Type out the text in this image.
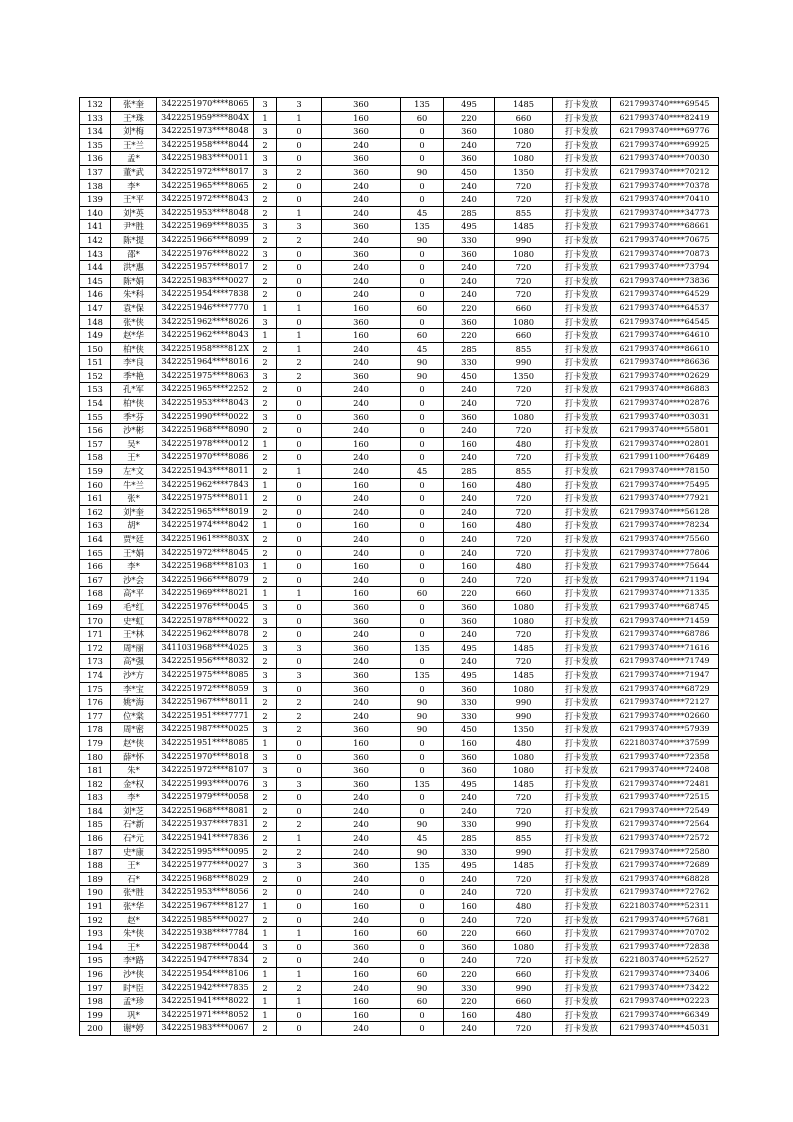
132	张*奎	3422251970****8065	3	3	360	135	495	1485	打卡发放	6217993740****69545
133	王*珠	3422251959****804X	1	1	160	60	220	660	打卡发放	6217993740****82419
134	刘*梅	3422251973****8048	3	0	360	0	360	1080	打卡发放	6217993740****69776
135	王*兰	3422251958****8044	2	0	240	0	240	720	打卡发放	6217993740****69925
136	孟*	3422251983****0011	3	0	360	0	360	1080	打卡发放	6217993740****70030
137	董*武	3422251972****8017	3	2	360	90	450	1350	打卡发放	6217993740****70212
138	李*	3422251965****8065	2	0	240	0	240	720	打卡发放	6217993740****70378
139	王*平	3422251972****8043	2	0	240	0	240	720	打卡发放	6217993740****70410
140	刘*英	3422251953****8048	2	1	240	45	285	855	打卡发放	6217993740****34773
141	尹*胜	3422251969****8035	3	3	360	135	495	1485	打卡发放	6217993740****68661
142	陈*提	3422251966****8099	2	2	240	90	330	990	打卡发放	6217993740****70675
143	邵*	3422251976****8022	3	0	360	0	360	1080	打卡发放	6217993740****70873
144	洪*惠	3422251957****8017	2	0	240	0	240	720	打卡发放	6217993740****73794
145	陈*娟	3422251983****0027	2	0	240	0	240	720	打卡发放	6217993740****73836
146	朱*科	3422251954****7838	2	0	240	0	240	720	打卡发放	6217993740****64529
147	袁*保	3422251946****7770	1	1	160	60	220	660	打卡发放	6217993740****64537
148	张*侠	3422251962****8026	3	0	360	0	360	1080	打卡发放	6217993740****64545
149	赵*华	3422251962****8043	1	1	160	60	220	660	打卡发放	6217993740****64610
150	柏*侠	3422251958****812X	2	1	240	45	285	855	打卡发放	6217993740****86610
151	李*良	3422251964****8016	2	2	240	90	330	990	打卡发放	6217993740****86636
152	季*艳	3422251975****8063	3	2	360	90	450	1350	打卡发放	6217993740****02629
153	孔*军	3422251965****2252	2	0	240	0	240	720	打卡发放	6217993740****86883
154	柏*侠	3422251953****8043	2	0	240	0	240	720	打卡发放	6217993740****02876
155	季*芬	3422251990****0022	3	0	360	0	360	1080	打卡发放	6217993740****03031
156	沙*彬	3422251968****8090	2	0	240	0	240	720	打卡发放	6217993740****55801
157	吴*	3422251978****0012	1	0	160	0	160	480	打卡发放	6217993740****02801
158	王*	3422251970****8086	2	0	240	0	240	720	打卡发放	6217991100****76489
159	左*文	3422251943****8011	2	1	240	45	285	855	打卡发放	6217993740****78150
160	牛*兰	3422251962****7843	1	0	160	0	160	480	打卡发放	6217993740****75495
161	张*	3422251975****8011	2	0	240	0	240	720	打卡发放	6217993740****77921
162	刘*奎	3422251965****8019	2	0	240	0	240	720	打卡发放	6217993740****56128
163	胡*	3422251974****8042	1	0	160	0	160	480	打卡发放	6217993740****78234
164	贾*廷	3422251961****803X	2	0	240	0	240	720	打卡发放	6217993740****75560
165	王*娟	3422251972****8045	2	0	240	0	240	720	打卡发放	6217993740****77806
166	李*	3422251968****8103	1	0	160	0	160	480	打卡发放	6217993740****75644
167	沙*会	3422251966****8079	2	0	240	0	240	720	打卡发放	6217993740****71194
168	高*平	3422251969****8021	1	1	160	60	220	660	打卡发放	6217993740****71335
169	毛*红	3422251976****0045	3	0	360	0	360	1080	打卡发放	6217993740****68745
170	史*虹	3422251978****0022	3	0	360	0	360	1080	打卡发放	6217993740****71459
171	王*林	3422251962****8078	2	0	240	0	240	720	打卡发放	6217993740****68786
172	周*丽	3411031968****4025	3	3	360	135	495	1485	打卡发放	6217993740****71616
173	高*强	3422251956****8032	2	0	240	0	240	720	打卡发放	6217993740****71749
174	沙*方	3422251975****8085	3	3	360	135	495	1485	打卡发放	6217993740****71947
175	李*宝	3422251972****8059	3	0	360	0	360	1080	打卡发放	6217993740****68729
176	姚*海	3422251967****8011	2	2	240	90	330	990	打卡发放	6217993740****72127
177	位*棠	3422251951****7771	2	2	240	90	330	990	打卡发放	6217993740****02660
178	周*密	3422251987****0025	3	2	360	90	450	1350	打卡发放	6217993740****57939
179	赵*侠	3422251951****8085	1	0	160	0	160	480	打卡发放	6221803740****37599
180	薛*怀	3422251970****8018	3	0	360	0	360	1080	打卡发放	6217993740****72358
181	朱*	3422251972****8107	3	0	360	0	360	1080	打卡发放	6217993740****72408
182	金*权	3422251993****0076	3	3	360	135	495	1485	打卡发放	6217993740****72481
183	李*	3422251979****0058	2	0	240	0	240	720	打卡发放	6217993740****72515
184	刘*芝	3422251968****8081	2	0	240	0	240	720	打卡发放	6217993740****72549
185	石*新	3422251937****7831	2	2	240	90	330	990	打卡发放	6217993740****72564
186	石*元	3422251941****7836	2	1	240	45	285	855	打卡发放	6217993740****72572
187	史*康	3422251995****0095	2	2	240	90	330	990	打卡发放	6217993740****72580
188	王*	3422251977****0027	3	3	360	135	495	1485	打卡发放	6217993740****72689
189	石*	3422251968****8029	2	0	240	0	240	720	打卡发放	6217993740****68828
190	张*胜	3422251953****8056	2	0	240	0	240	720	打卡发放	6217993740****72762
191	张*华	3422251967****8127	1	0	160	0	160	480	打卡发放	6221803740****52311
192	赵*	3422251985****0027	2	0	240	0	240	720	打卡发放	6217993740****57681
193	朱*侠	3422251938****7784	1	1	160	60	220	660	打卡发放	6217993740****70702
194	王*	3422251987****0044	3	0	360	0	360	1080	打卡发放	6217993740****72838
195	李*路	3422251947****7834	2	0	240	0	240	720	打卡发放	6221803740****52527
196	沙*侠	3422251954****8106	1	1	160	60	220	660	打卡发放	6217993740****73406
197	时*臣	3422251942****7835	2	2	240	90	330	990	打卡发放	6217993740****73422
198	孟*珍	3422251941****8022	1	1	160	60	220	660	打卡发放	6217993740****02223
199	巩*	3422251971****8052	1	0	160	0	160	480	打卡发放	6217993740****66349
200	谢*婷	3422251983****0067	2	0	240	0	240	720	打卡发放	6217993740****45031
